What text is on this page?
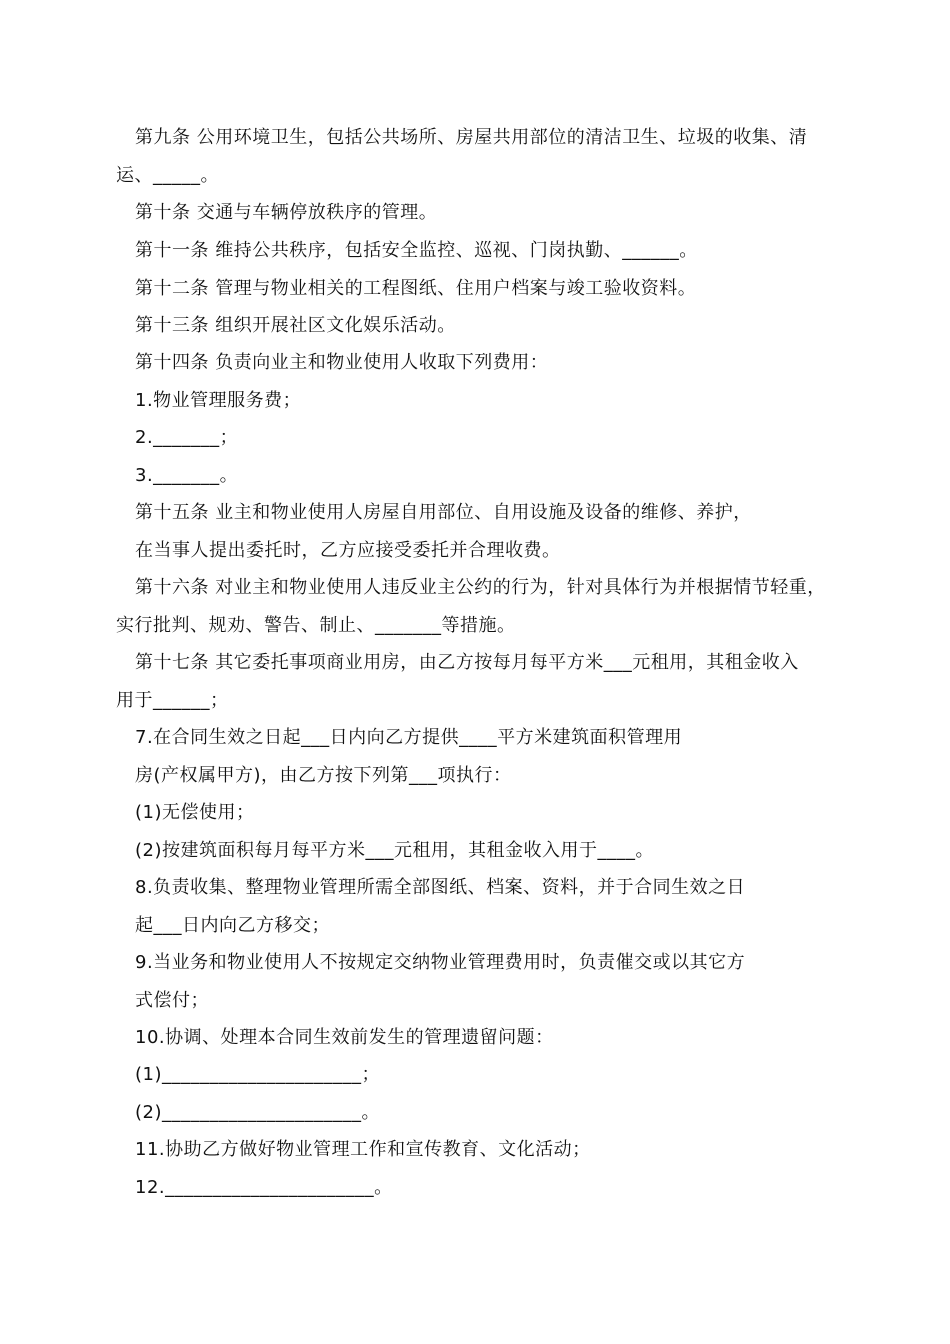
第九条 公用环境卫生，包括公共场所、房屋共用部位的清洁卫生、垃圾的收集、清
运、_____。
第十条 交通与车辆停放秩序的管理。
第十一条 维持公共秩序，包括安全监控、巡视、门岗执勤、______。
第十二条 管理与物业相关的工程图纸、住用户档案与竣工验收资料。
第十三条 组织开展社区文化娱乐活动。
第十四条 负责向业主和物业使用人收取下列费用：
1.物业管理服务费；
2._______；
3._______。
第十五条 业主和物业使用人房屋自用部位、自用设施及设备的维修、养护，
在当事人提出委托时，乙方应接受委托并合理收费。
第十六条 对业主和物业使用人违反业主公约的行为，针对具体行为并根据情节轻重，
实行批判、规劝、警告、制止、_______等措施。
第十七条 其它委托事项商业用房，由乙方按每月每平方米___元租用，其租金收入
用于______；
7.在合同生效之日起___日内向乙方提供____平方米建筑面积管理用
房(产权属甲方)，由乙方按下列第___项执行：
(1)无偿使用；
(2)按建筑面积每月每平方米___元租用，其租金收入用于____。
8.负责收集、整理物业管理所需全部图纸、档案、资料，并于合同生效之日
起___日内向乙方移交；
9.当业务和物业使用人不按规定交纳物业管理费用时，负责催交或以其它方
式偿付；
10.协调、处理本合同生效前发生的管理遗留问题：
(1)_____________________；
(2)_____________________。
11.协助乙方做好物业管理工作和宣传教育、文化活动；
12.______________________。
